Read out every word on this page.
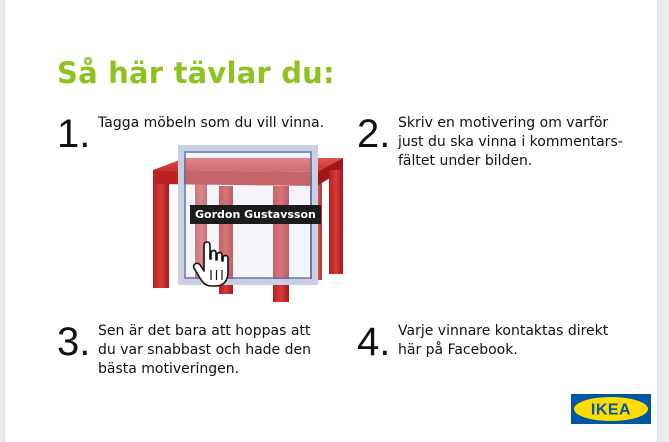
Så här tävlar du:
1. Tagga möbeln som du vill vinna. 2. Skriv en motivering om varför
just du ska vinna i kommentars-
fältet under bilden.
3. Sen är det bara att hoppas att
du var snabbast och hade den
bästa motiveringen.
4. Varje vinnare kontaktas direkt
här på Facebook.
Gordon Gustavsson
IKEA
